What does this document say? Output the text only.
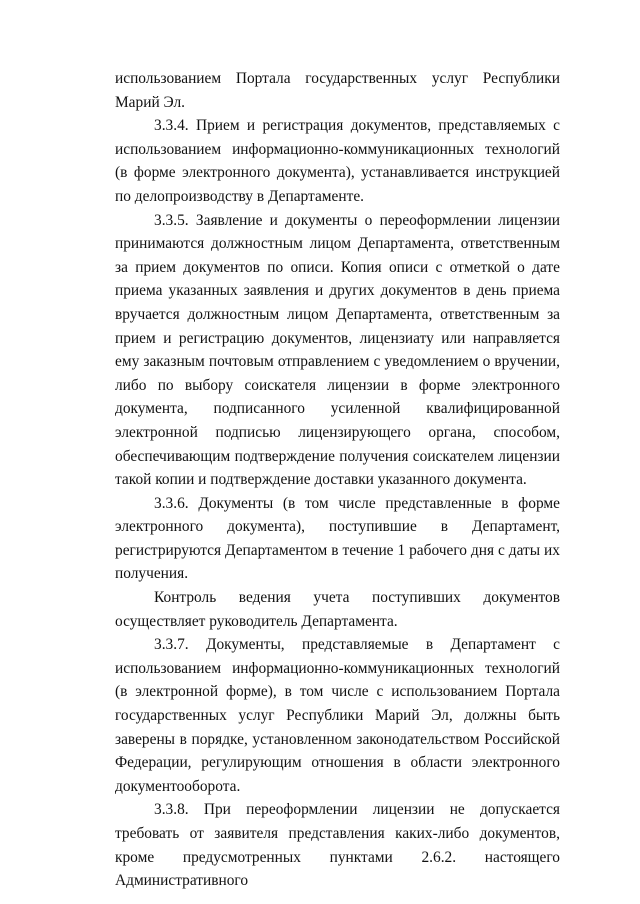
использованием Портала государственных услуг Республики Марий Эл.

3.3.4. Прием и регистрация документов, представляемых с использованием информационно-коммуникационных технологий (в форме электронного документа), устанавливается инструкцией по делопроизводству в Департаменте.

3.3.5. Заявление и документы о переоформлении лицензии принимаются должностным лицом Департамента, ответственным за прием документов по описи. Копия описи с отметкой о дате приема указанных заявления и других документов в день приема вручается должностным лицом Департамента, ответственным за прием и регистрацию документов, лицензиату или направляется ему заказным почтовым отправлением с уведомлением о вручении, либо по выбору соискателя лицензии в форме электронного документа, подписанного усиленной квалифицированной электронной подписью лицензирующего органа, способом, обеспечивающим подтверждение получения соискателем лицензии такой копии и подтверждение доставки указанного документа.

3.3.6. Документы (в том числе представленные в форме электронного документа), поступившие в Департамент, регистрируются Департаментом в течение 1 рабочего дня с даты их получения.

Контроль ведения учета поступивших документов осуществляет руководитель Департамента.

3.3.7. Документы, представляемые в Департамент с использованием информационно-коммуникационных технологий (в электронной форме), в том числе с использованием Портала государственных услуг Республики Марий Эл, должны быть заверены в порядке, установленном законодательством Российской Федерации, регулирующим отношения в области электронного документооборота.

3.3.8. При переоформлении лицензии не допускается требовать от заявителя представления каких-либо документов, кроме предусмотренных пунктами 2.6.2. настоящего Административного
